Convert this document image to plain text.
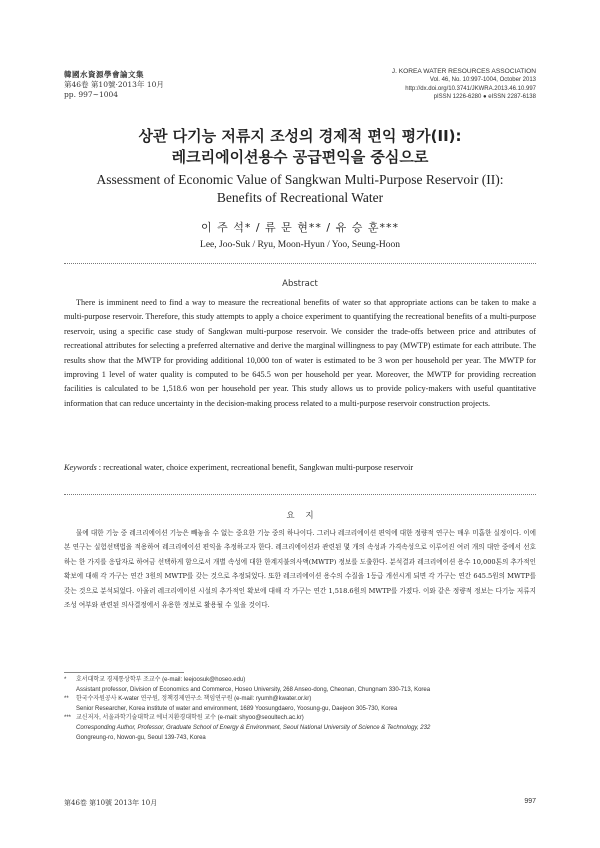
韓國水資源學會論文集
第46卷 第10號·2013年 10月
pp. 997~1004
J. KOREA WATER RESOURCES ASSOCIATION
Vol. 46, No. 10:997-1004, October 2013
http://dx.doi.org/10.3741/JKWRA.2013.46.10.997
pISSN 1226-6280 ● eISSN 2287-6138
상관 다기능 저류지 조성의 경제적 편익 평가(II):
레크리에이션용수 공급편익을 중심으로
Assessment of Economic Value of Sangkwan Multi-Purpose Reservoir (II):
Benefits of Recreational Water
이 주 석* / 류 문 현** / 유 승 훈***
Lee, Joo-Suk / Ryu, Moon-Hyun / Yoo, Seung-Hoon
Abstract

There is imminent need to find a way to measure the recreational benefits of water so that appropriate actions can be taken to make a multi-purpose reservoir. Therefore, this study attempts to apply a choice experiment to quantifying the recreational benefits of a multi-purpose reservoir, using a specific case study of Sangkwan multi-purpose reservoir. We consider the trade-offs between price and attributes of recreational attributes for selecting a preferred alternative and derive the marginal willingness to pay (MWTP) estimate for each attribute. The results show that the MWTP for providing additional 10,000 ton of water is estimated to be 3 won per household per year. The MWTP for improving 1 level of water quality is computed to be 645.5 won per household per year. Moreover, the MWTP for providing recreation facilities is calculated to be 1,518.6 won per household per year. This study allows us to provide policy-makers with useful quantitative information that can reduce uncertainty in the decision-making process related to a multi-purpose reservoir construction projects.

Keywords : recreational water, choice experiment, recreational benefit, Sangkwan multi-purpose reservoir
요    지

물에 대한 기능 중 레크리에이션 기능은 빼놓을 수 없는 중요한 기능 중의 하나이다. 그러나 레크리에이션 편익에 대한 정량적 연구는 매우 미흡한 실정이다. 이에 본 연구는 실험선택법을 적용하여 레크리에이션 편익을 추정하고자 한다. 레크리에이션과 관련된 몇 개의 속성과 가격속성으로 이루어진 여러 개의 대안 중에서 선호하는 한 가지를 응답자로 하여금 선택하게 함으로서 개별 속성에 대한 한계지불의사액(MWTP) 정보를 도출한다. 분석결과 레크리에이션 용수 10,000톤의 추가적인 확보에 대해 각 가구는 연간 3원의 MWTP를 갖는 것으로 추정되었다. 또한 레크리에이션 용수의 수질을 1등급 개선시게 되면 각 가구는 연간 645.5원의 MWTP를 갖는 것으로 분석되었다. 아울러 레크리에이션 시설의 추가적인 확보에 대해 각 가구는 연간 1,518.6원의 MWTP를 가졌다. 이와 같은 정량적 정보는 다기능 저류지 조성 여부와 관련된 의사결정에서 유용한 정보로 활용될 수 있을 것이다.

*	호서대학교 경제통상학부 조교수 (e-mail: leejoosuk@hoseo.edu)
Assistant professor, Division of Economics and Commerce, Hoseo University, 268 Anseo-dong, Cheonan, Chungnam 330-713, Korea
**	한국수자원공사 K-water 연구원, 정책경제연구소 책임연구원 (e-mail: ryumh@kwater.or.kr)
Senior Researcher, Korea institute of water and environment, 1689 Yoosungdaero, Yoosung-gu, Daejeon 305-730, Korea
*** 교신저자, 서울과학기술대학교 에너지환경대학원 교수 (e-mail: shyoo@seoultech.ac.kr)
Corresponding Author, Professor, Graduate School of Energy & Environment, Seoul National University of Science & Technology, 232
Gongreung-ro, Nowon-gu, Seoul 139-743, Korea
第46卷 第10號 2013年 10月	997
